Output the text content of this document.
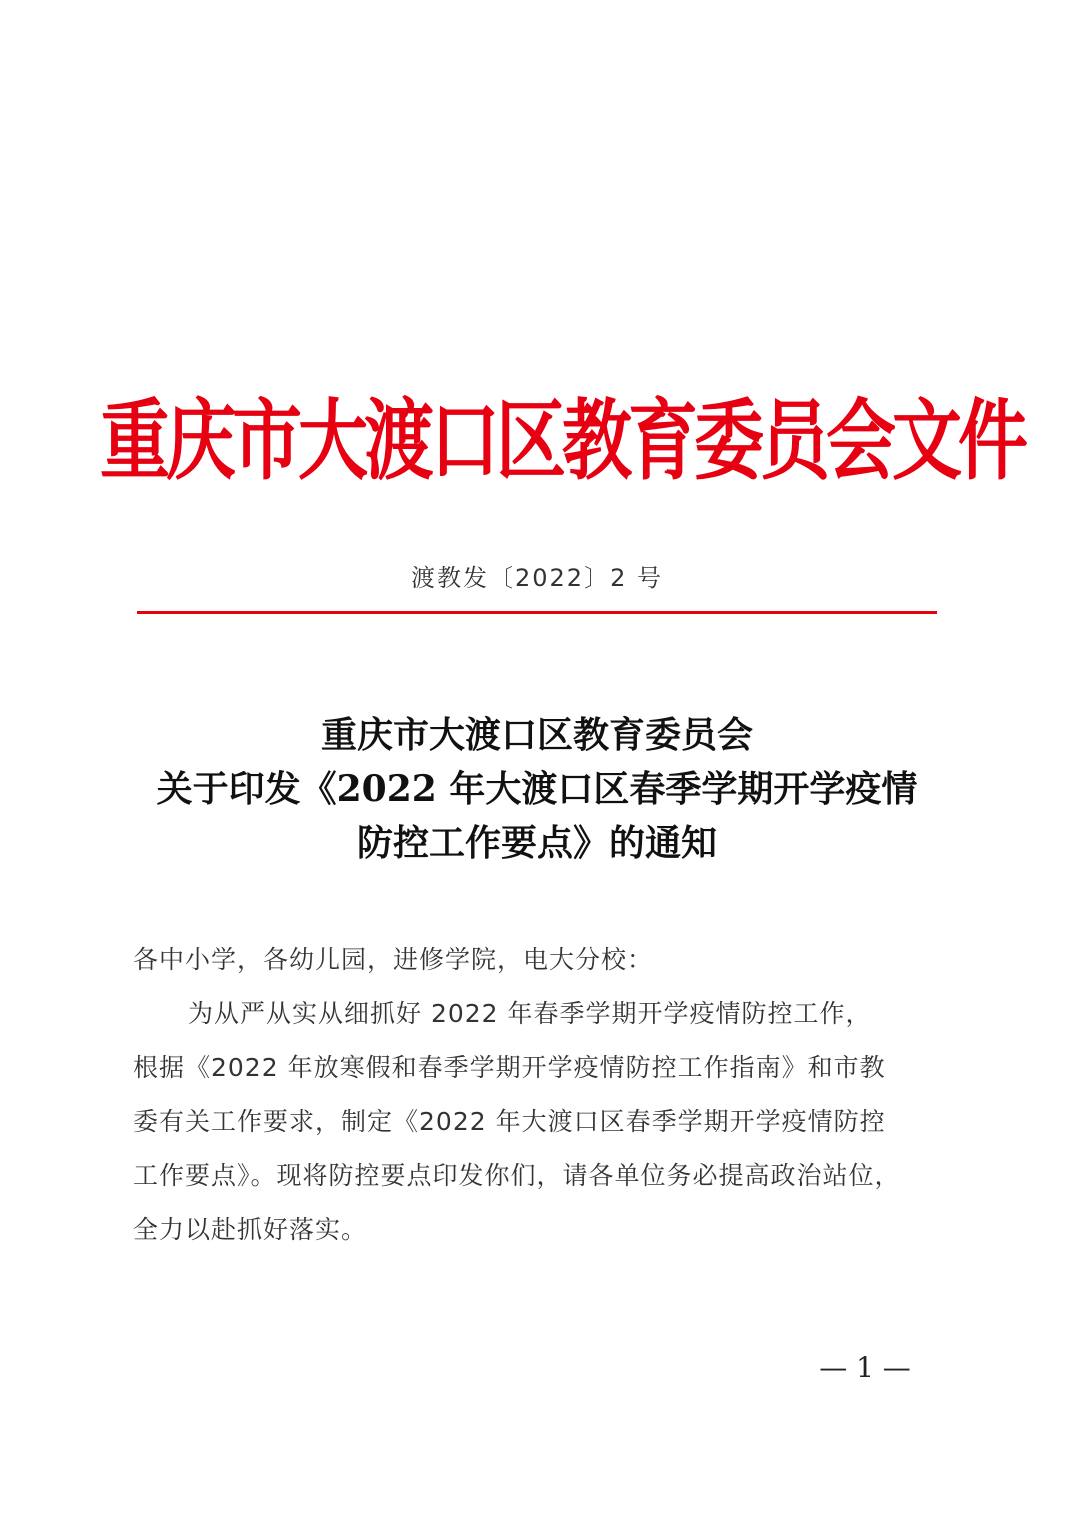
重庆市大渡口区教育委员会文件
渡教发〔2022〕2 号
重庆市大渡口区教育委员会
关于印发《2022 年大渡口区春季学期开学疫情
防控工作要点》的通知
各中小学，各幼儿园，进修学院，电大分校：
为从严从实从细抓好 2022 年春季学期开学疫情防控工作，
根据《2022 年放寒假和春季学期开学疫情防控工作指南》和市教
委有关工作要求，制定《2022 年大渡口区春季学期开学疫情防控
工作要点》。现将防控要点印发你们，请各单位务必提高政治站位，
全力以赴抓好落实。
— 1 —
